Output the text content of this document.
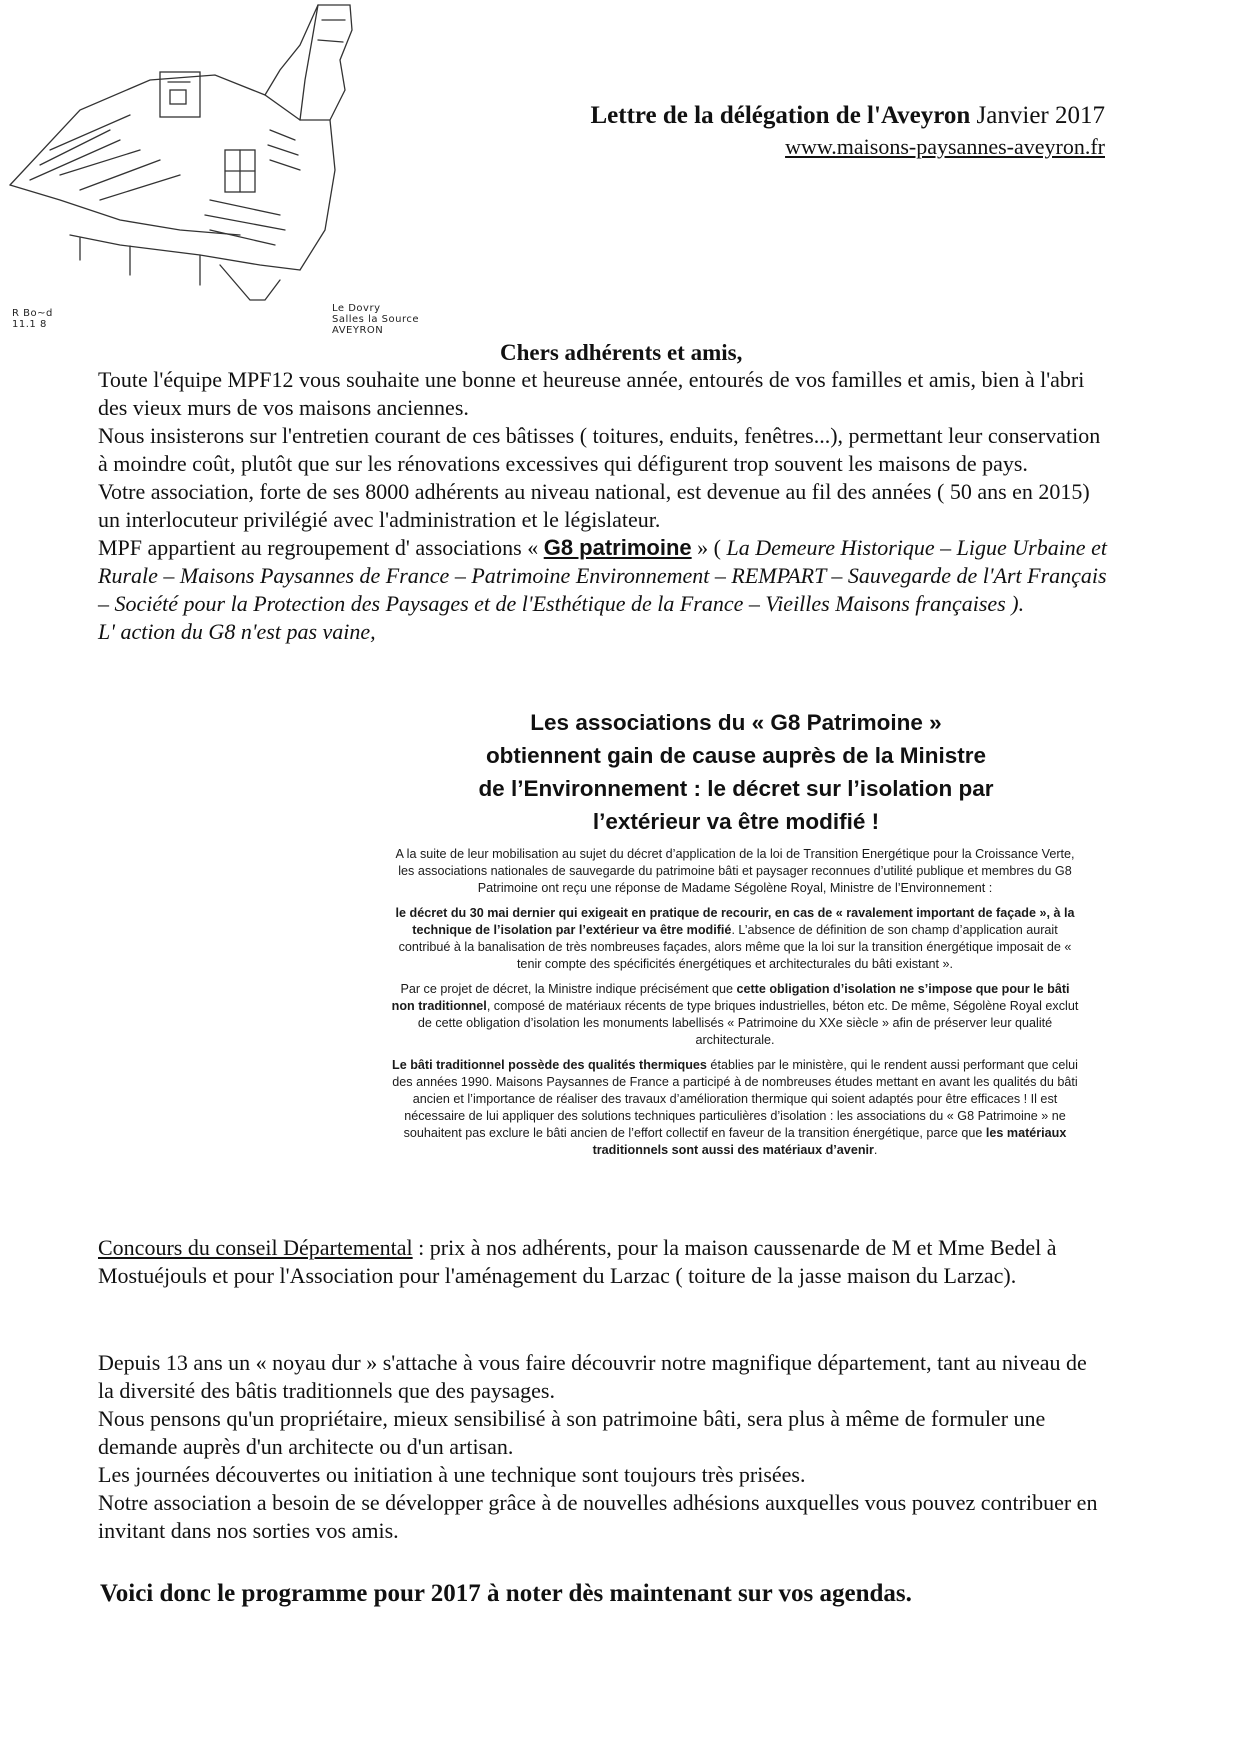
R Bo~d
11.1 8
Le Dovry
Salles la Source
AVEYRON
Lettre de la délégation de l'Aveyron Janvier 2017
www.maisons-paysannes-aveyron.fr
Chers adhérents et amis,

Toute l'équipe MPF12 vous souhaite une bonne et heureuse année, entourés de vos familles et amis, bien à l'abri des vieux murs de vos maisons anciennes.

Nous insisterons sur l'entretien courant de ces bâtisses ( toitures, enduits, fenêtres...), permettant leur conservation à moindre coût, plutôt que sur les rénovations excessives qui défigurent trop souvent les maisons de pays.

Votre association, forte de ses 8000 adhérents au niveau national, est devenue au fil des années ( 50 ans en 2015) un interlocuteur privilégié avec l'administration et le législateur.

MPF appartient au regroupement d' associations « G8 patrimoine » ( La Demeure Historique – Ligue Urbaine et Rurale – Maisons Paysannes de France – Patrimoine Environnement – REMPART – Sauvegarde de l'Art Français – Société pour la Protection des Paysages et de l'Esthétique de la France – Vieilles Maisons françaises ).

L' action du G8 n'est pas vaine,

Les associations du « G8 Patrimoine »
obtiennent gain de cause auprès de la Ministre
de l’Environnement : le décret sur l’isolation par
l’extérieur va être modifié !

A la suite de leur mobilisation au sujet du décret d’application de la loi de Transition Energétique pour la Croissance Verte, les associations nationales de sauvegarde du patrimoine bâti et paysager reconnues d’utilité publique et membres du G8 Patrimoine ont reçu une réponse de Madame Ségolène Royal, Ministre de l’Environnement :

le décret du 30 mai dernier qui exigeait en pratique de recourir, en cas de « ravalement important de façade », à la technique de l’isolation par l’extérieur va être modifié. L’absence de définition de son champ d’application aurait contribué à la banalisation de très nombreuses façades, alors même que la loi sur la transition énergétique imposait de « tenir compte des spécificités énergétiques et architecturales du bâti existant ».

Par ce projet de décret, la Ministre indique précisément que cette obligation d’isolation ne s’impose que pour le bâti non traditionnel, composé de matériaux récents de type briques industrielles, béton etc. De même, Ségolène Royal exclut de cette obligation d’isolation les monuments labellisés « Patrimoine du XXe siècle » afin de préserver leur qualité architecturale.

Le bâti traditionnel possède des qualités thermiques établies par le ministère, qui le rendent aussi performant que celui des années 1990. Maisons Paysannes de France a participé à de nombreuses études mettant en avant les qualités du bâti ancien et l’importance de réaliser des travaux d’amélioration thermique qui soient adaptés pour être efficaces ! Il est nécessaire de lui appliquer des solutions techniques particulières d’isolation : les associations du « G8 Patrimoine » ne souhaitent pas exclure le bâti ancien de l’effort collectif en faveur de la transition énergétique, parce que les matériaux traditionnels sont aussi des matériaux d’avenir.

Concours du conseil Départemental : prix à nos adhérents, pour la maison caussenarde de M et Mme Bedel à Mostuéjouls et pour l'Association pour l'aménagement du Larzac ( toiture de la jasse maison du Larzac).

Depuis 13 ans un « noyau dur » s'attache à vous faire découvrir notre magnifique département, tant au niveau de la diversité des bâtis traditionnels que des paysages.

Nous pensons qu'un propriétaire, mieux sensibilisé à son patrimoine bâti, sera plus à même de formuler une demande auprès d'un architecte ou d'un artisan.

Les journées découvertes ou initiation à une technique sont toujours très prisées.

Notre association a besoin de se développer grâce à de nouvelles adhésions auxquelles vous pouvez contribuer en invitant dans nos sorties vos amis.

Voici donc le programme pour 2017 à noter dès maintenant sur vos agendas.
